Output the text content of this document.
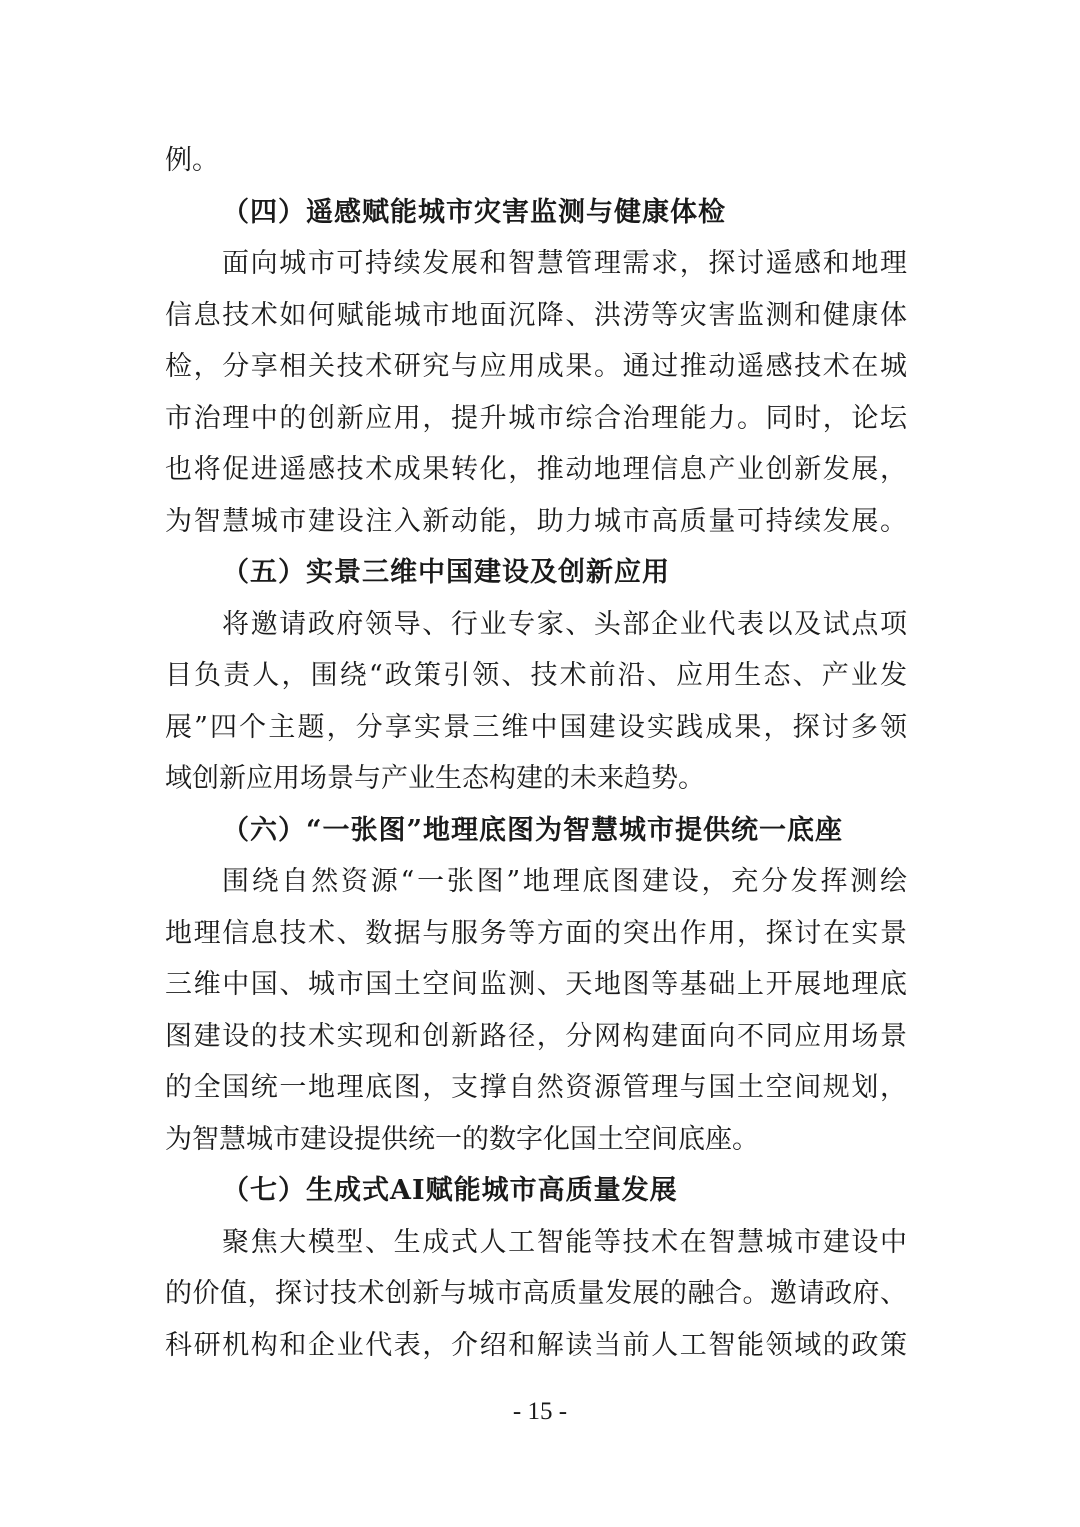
例。
（四）遥感赋能城市灾害监测与健康体检
面向城市可持续发展和智慧管理需求，探讨遥感和地理
信息技术如何赋能城市地面沉降、洪涝等灾害监测和健康体
检，分享相关技术研究与应用成果。通过推动遥感技术在城
市治理中的创新应用，提升城市综合治理能力。同时，论坛
也将促进遥感技术成果转化，推动地理信息产业创新发展，
为智慧城市建设注入新动能，助力城市高质量可持续发展。
（五）实景三维中国建设及创新应用
将邀请政府领导、行业专家、头部企业代表以及试点项
目负责人，围绕“政策引领、技术前沿、应用生态、产业发
展”四个主题，分享实景三维中国建设实践成果，探讨多领
域创新应用场景与产业生态构建的未来趋势。
（六）“一张图”地理底图为智慧城市提供统一底座
围绕自然资源“一张图”地理底图建设，充分发挥测绘
地理信息技术、数据与服务等方面的突出作用，探讨在实景
三维中国、城市国土空间监测、天地图等基础上开展地理底
图建设的技术实现和创新路径，分网构建面向不同应用场景
的全国统一地理底图，支撑自然资源管理与国土空间规划，
为智慧城市建设提供统一的数字化国土空间底座。
（七）生成式AI赋能城市高质量发展
聚焦大模型、生成式人工智能等技术在智慧城市建设中
的价值，探讨技术创新与城市高质量发展的融合。邀请政府、
科研机构和企业代表，介绍和解读当前人工智能领域的政策
- 15 -
